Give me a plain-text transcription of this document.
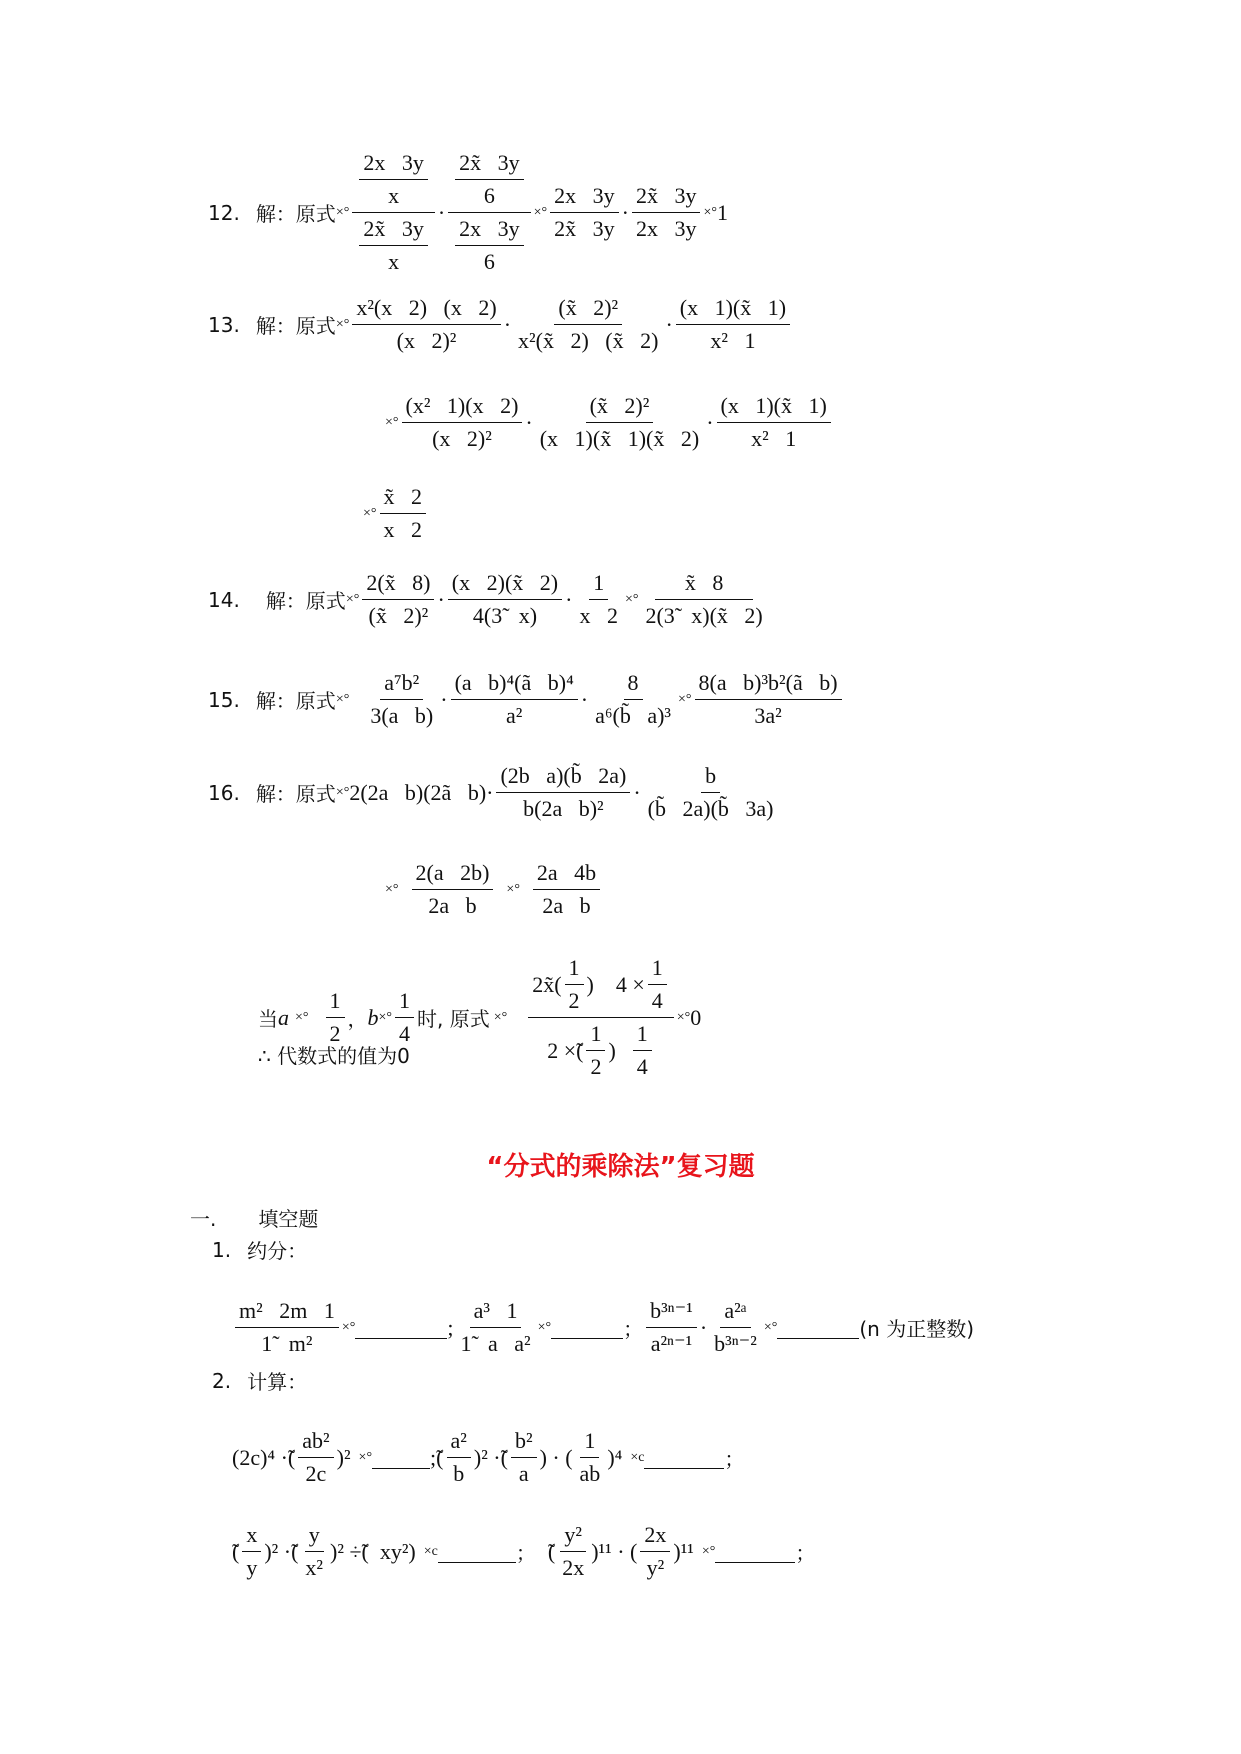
12. 解：原式 ×° $\frac{\frac{2x 3y}{x}}{\frac{2x̃ 3y}{x}} \cdot \frac{\frac{2x̃ 3y}{6}}{\frac{2x 3y}{6}}$ ×° $\frac{2x 3y}{2x̃ 3y} \cdot \frac{2x̃ 3y}{2x 3y}$ ×° 1
13. 解：原式 ×° $\frac{\text{x²(x   2)   (x   2)}}{\text{(x   2)²}} \cdot \frac{\text{(x̃   2)²}}{\text{x²(x̃   2)   (x̃   2)}} \cdot \frac{(x 1)(x̃ 1)}{\text{x²   1}}$
×° $\frac{\text{(x²   1)(x   2)}}{\text{(x   2)²}} \cdot \frac{\text{(x̃   2)²}}{(x 1)(x̃ 1)(x̃ 2)} \cdot \frac{(x 1)(x̃ 1)}{\text{x²   1}}$
×° $\frac{x̃ 2}{x 2}$
14. 解：原式 ×° $\frac{2(x̃ 8)}{\text{(x̃   2)²}} \cdot \frac{(x 2)(x̃ 2)}{4(3̃ x)} \cdot \frac{1}{x 2}$ ×° $\frac{x̃ 8}{2(3̃ x)(x̃ 2)}$
15. 解：原式 ×° $\frac{\text{a⁷b²}}{\text{3(a   b)}} \cdot \frac{\text{(a   b)⁴(ã   b)⁴}}{\text{a²}} \cdot \frac{8}{\text{a⁶(b̃   a)³}}$ ×° $\frac{\text{8(a   b)³b²(ã   b)}}{\text{3a²}}$
16. 解：原式 ×° 2(2a   b)(2ã   $b) \cdot \frac{\text{(2b   a)(b̃   2a)}}{\text{b(2a   b)²}} \cdot \frac{b}{(b̃ 2a)(b̃ 3a)}$
×° $\frac{2(a 2b)}{\text{2a   b}}$ ×° $\frac{2a 4b}{\text{2a   b}}$
当 a ×° $\frac{1}{2}$ ， b ×° $\frac{1}{4}$ 时, 原式 ×°
2x̃( $\frac{1}{2}$ )    $4 \times \frac{1}{4}$
2 ×̃( $\frac{1}{2}$ ) $\frac{1}{4}$
×° 0
∴ 代数式的值为0
“分式的乘除法”复习题
一. 填空题
1. 约分：
$\frac{\text{m²   2m   1}}{\text{1̃   m²}}$ ×°	; $\frac{\text{a³   1}}{\text{1̃   a   a²}}$ ×°	； $\frac{\text{b³ⁿ⁻¹}}{\text{a²ⁿ⁻¹}} \cdot \frac{\text{a²ᵃ}}{\text{b³ⁿ⁻²}}$ ×°	(n 为正整数)
2. 计算：
(2c)⁴ ·̃( $\frac{\text{ab²}}{2c} )^2$ ×°	;̃( $\frac{\text{a²}}{b} )^2$ ·̃( $\frac{\text{b²}}{a}$ ) · ( $\frac{1}{ab} )^4 \times c$	；
̃( $\frac{x}{y} )^2$ ·̃( $\frac{y}{\text{x²}} )^2$ ÷̃(  xy²) ×c	； ̃( $\frac{\text{y²}}{2x} )^{11}$ · ( $\frac{2x}{\text{y²}} )^{11}$ ×°	；
